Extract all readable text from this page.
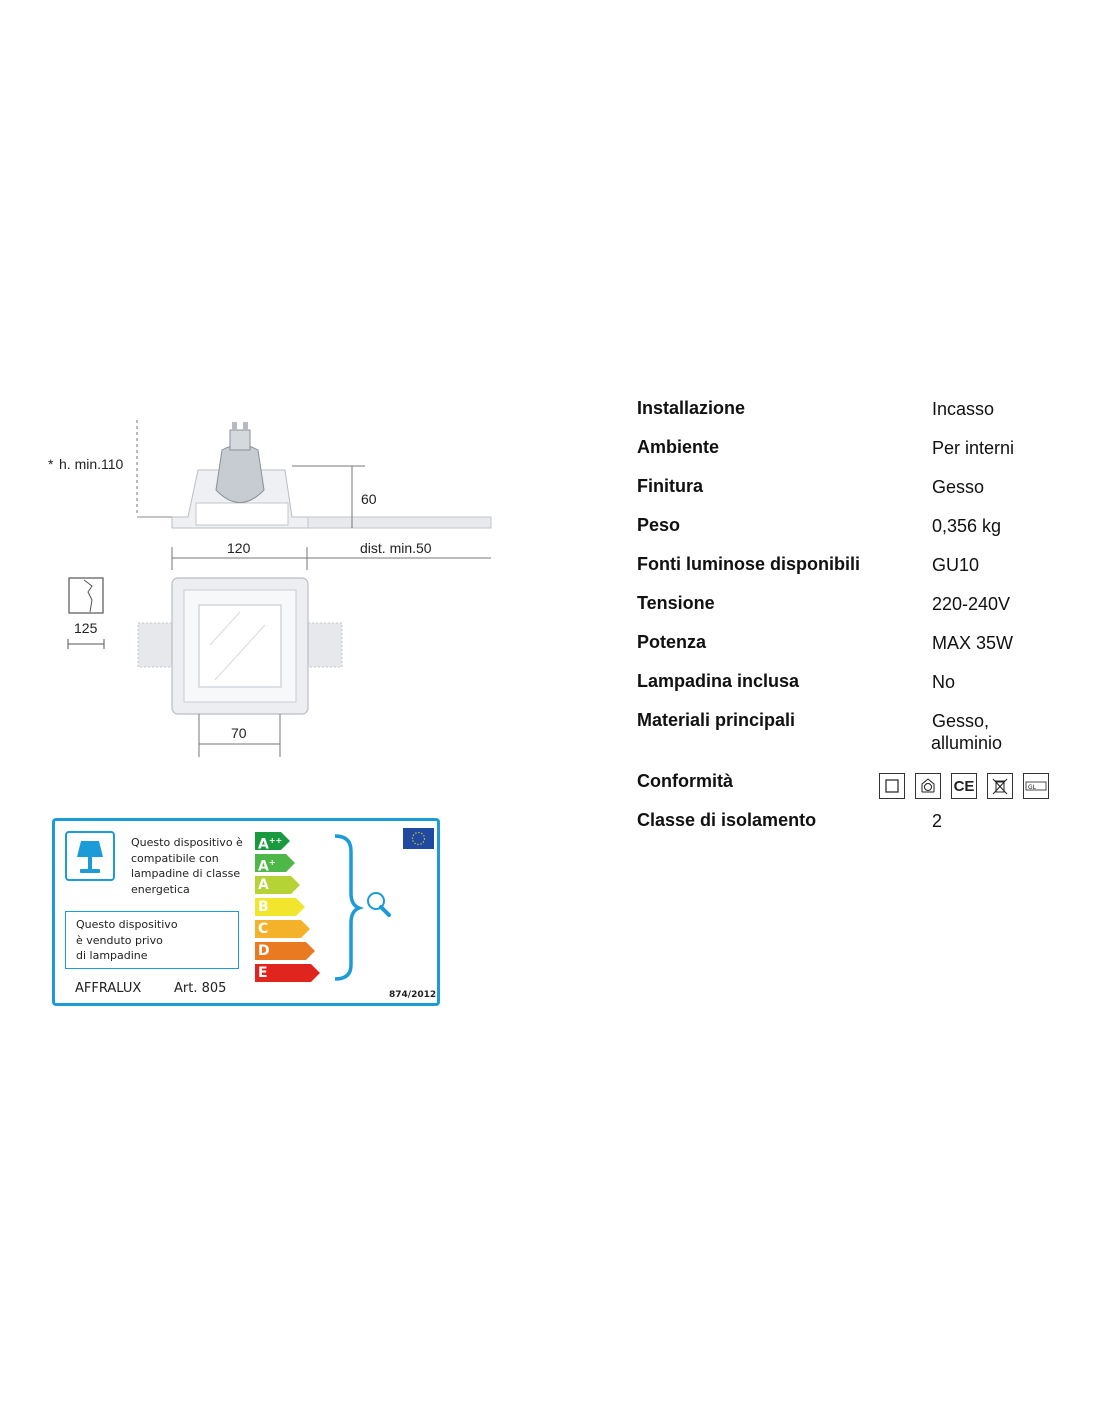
* h. min.110
60
120	dist. min.50
125
70
Installazione	Incasso
Ambiente	Per interni
Finitura	Gesso
Peso	0,356 kg
Fonti luminose disponibili	GU10
Tensione	220-240V
Potenza	MAX 35W
Lampadina inclusa	No
Materiali principali	Gesso,
alluminio
Conformità	CE	GL
Classe di isolamento	2
Questo dispositivo è
compatibile con
lampadine di classe
energetica
Questo dispositivo
è venduto privo
di lampadine
AFFRALUX	Art. 805
A++
A+
A
B
C
D
E
874/2012
